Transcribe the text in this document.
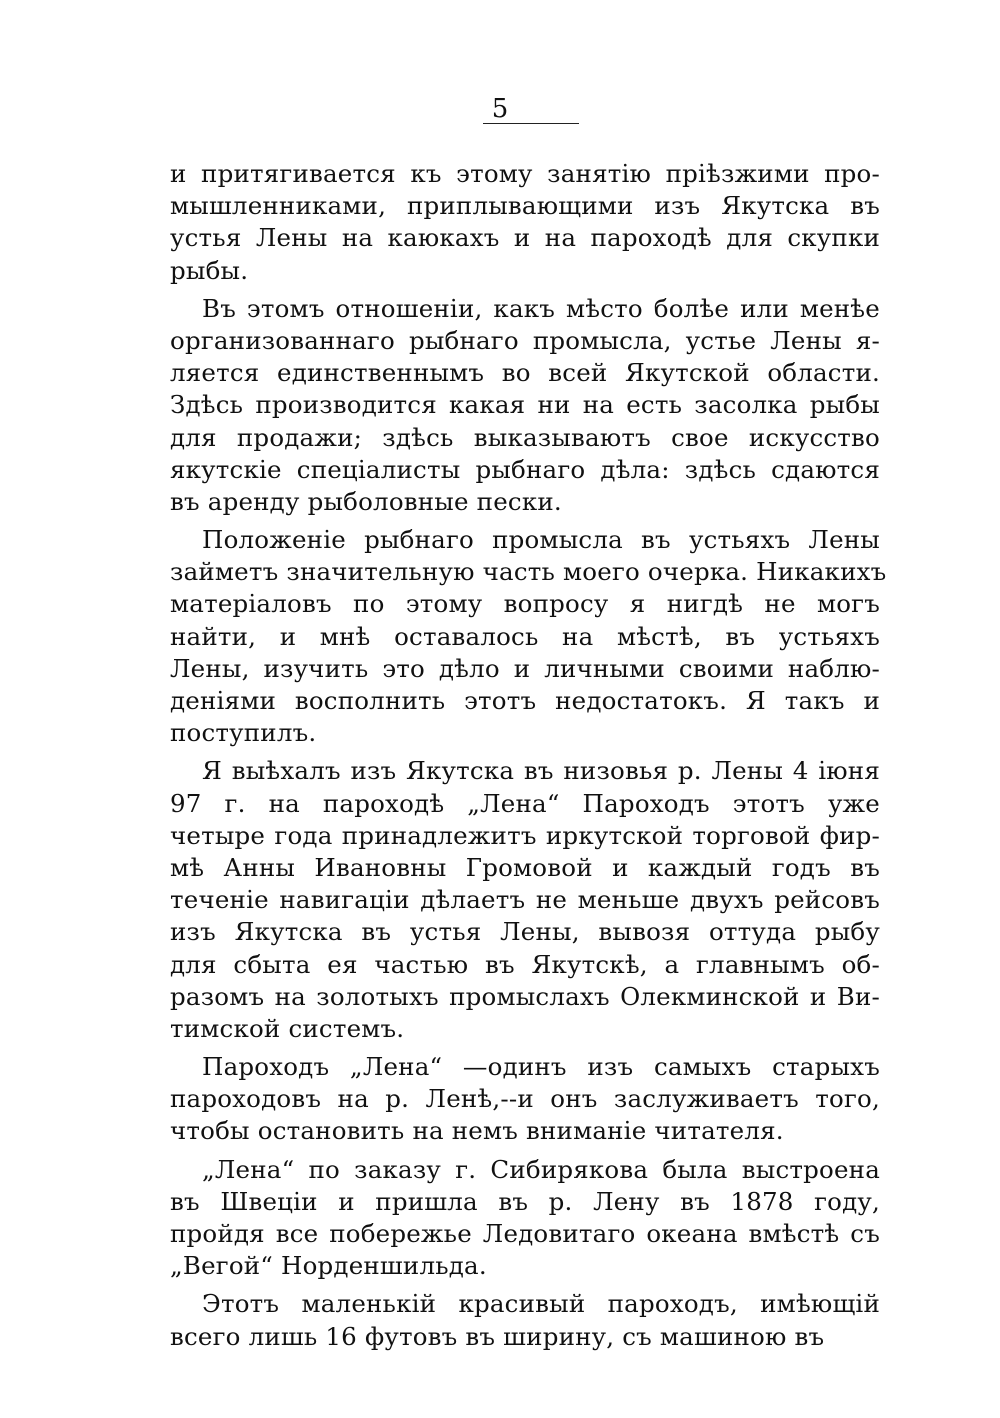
5
и притягивается къ этому занятію пріѣзжими про-
мышленниками, приплывающими изъ Якутска въ
устья Лены на каюкахъ и на пароходѣ для скупки
рыбы.
Въ этомъ отношеніи, какъ мѣсто болѣе или менѣе
организованнаго рыбнаго промысла, устье Лены я-
ляется единственнымъ во всей Якутской области.
Здѣсь производится какая ни на есть засолка рыбы
для продажи; здѣсь выказываютъ свое искусство
якутскіе спеціалисты рыбнаго дѣла: здѣсь сдаются
въ аренду рыболовные пески.
Положеніе рыбнаго промысла въ устьяхъ Лены
займетъ значительную часть моего очерка. Никакихъ
матеріаловъ по этому вопросу я нигдѣ не могъ
найти, и мнѣ оставалось на мѣстѣ, въ устьяхъ
Лены, изучить это дѣло и личными своими наблю-
деніями восполнить этотъ недостатокъ. Я такъ и
поступилъ.
Я выѣхалъ изъ Якутска въ низовья р. Лены 4 іюня
97 г. на пароходѣ „Лена“ Пароходъ этотъ уже
четыре года принадлежитъ иркутской торговой фир-
мѣ Анны Ивановны Громовой и каждый годъ въ
теченіе навигаціи дѣлаетъ не меньше двухъ рейсовъ
изъ Якутска въ устья Лены, вывозя оттуда рыбу
для сбыта ея частью въ Якутскѣ, а главнымъ об-
разомъ на золотыхъ промыслахъ Олекминской и Ви-
тимской системъ.
Пароходъ „Лена“ —одинъ изъ самыхъ старыхъ
пароходовъ на р. Ленѣ,--и онъ заслуживаетъ того,
чтобы остановить на немъ вниманіе читателя.
„Лена“ по заказу г. Сибирякова была выстроена
въ Швеціи и пришла въ р. Лену въ 1878 году,
пройдя все побережье Ледовитаго океана вмѣстѣ съ
„Вегой“ Норденшильда.
Этотъ маленькій красивый пароходъ, имѣющій
всего лишь 16 футовъ въ ширину, съ машиною въ
